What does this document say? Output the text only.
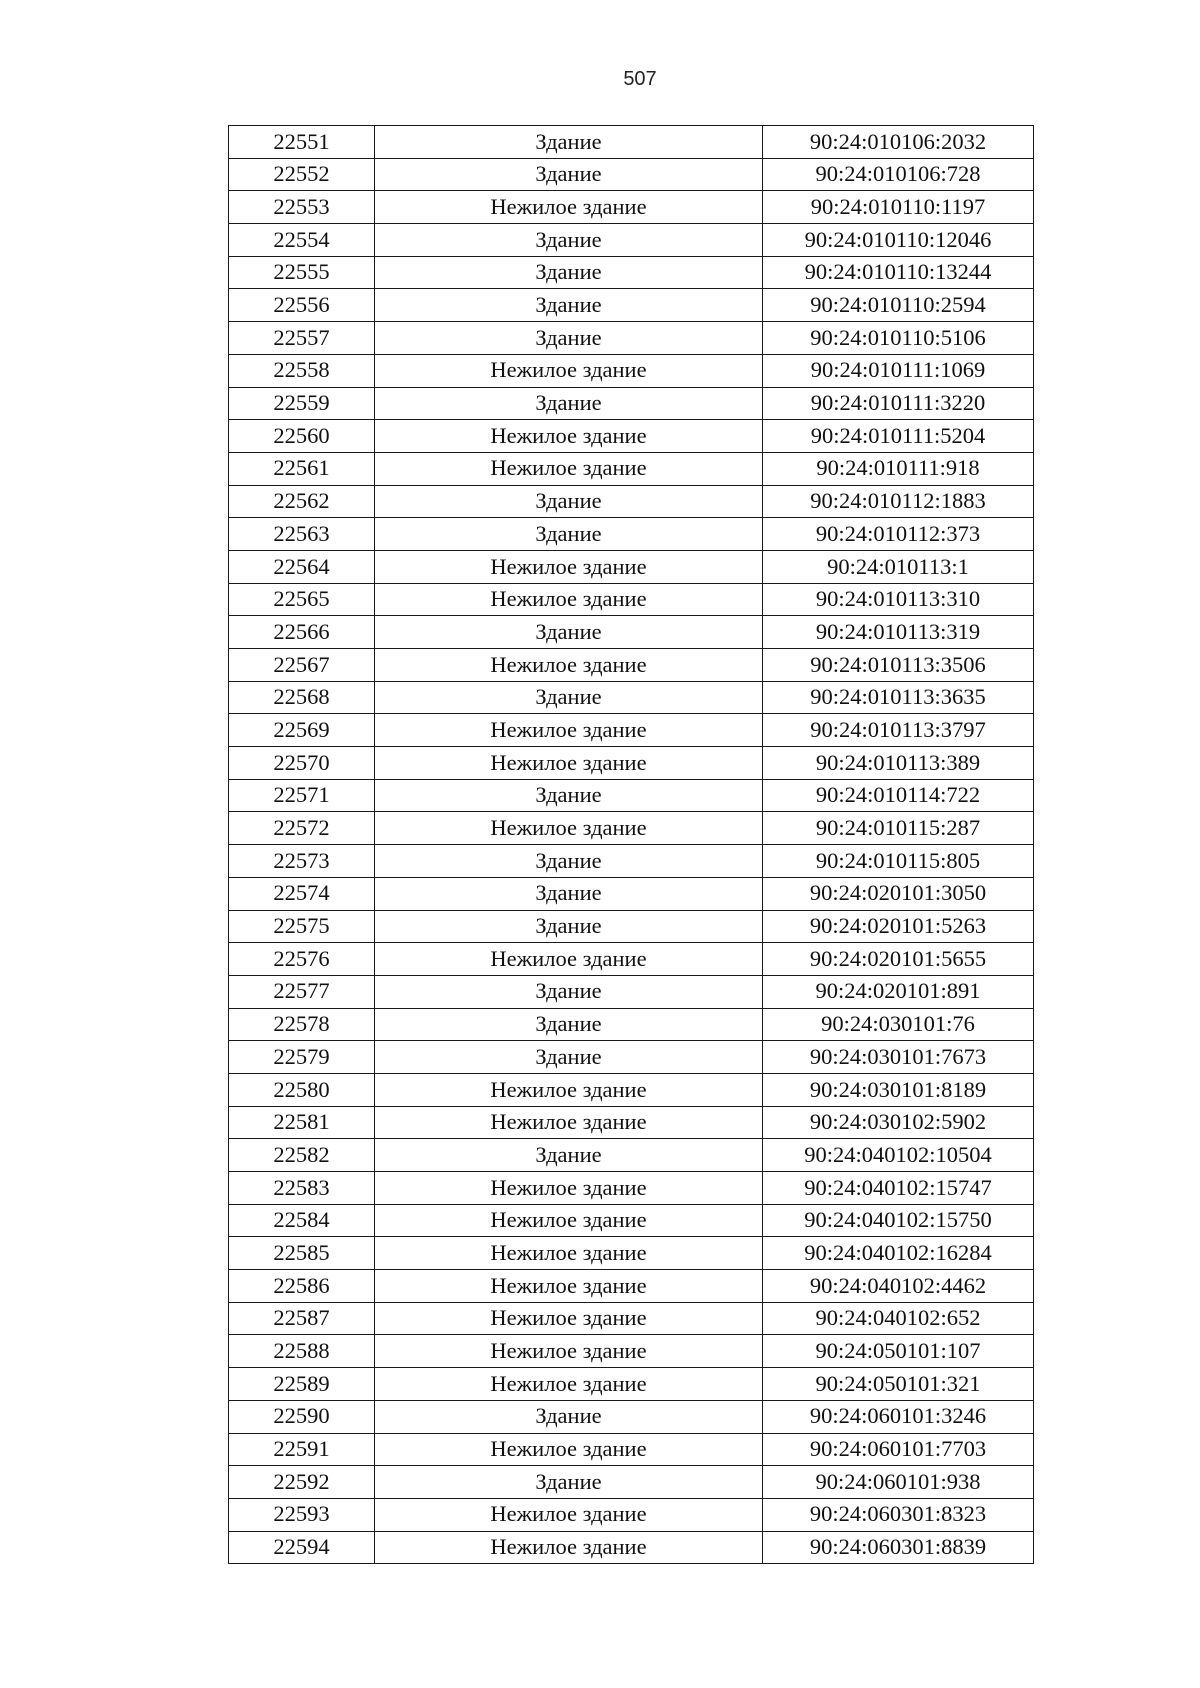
507
22551	Здание	90:24:010106:2032
22552	Здание	90:24:010106:728
22553	Нежилое здание	90:24:010110:1197
22554	Здание	90:24:010110:12046
22555	Здание	90:24:010110:13244
22556	Здание	90:24:010110:2594
22557	Здание	90:24:010110:5106
22558	Нежилое здание	90:24:010111:1069
22559	Здание	90:24:010111:3220
22560	Нежилое здание	90:24:010111:5204
22561	Нежилое здание	90:24:010111:918
22562	Здание	90:24:010112:1883
22563	Здание	90:24:010112:373
22564	Нежилое здание	90:24:010113:1
22565	Нежилое здание	90:24:010113:310
22566	Здание	90:24:010113:319
22567	Нежилое здание	90:24:010113:3506
22568	Здание	90:24:010113:3635
22569	Нежилое здание	90:24:010113:3797
22570	Нежилое здание	90:24:010113:389
22571	Здание	90:24:010114:722
22572	Нежилое здание	90:24:010115:287
22573	Здание	90:24:010115:805
22574	Здание	90:24:020101:3050
22575	Здание	90:24:020101:5263
22576	Нежилое здание	90:24:020101:5655
22577	Здание	90:24:020101:891
22578	Здание	90:24:030101:76
22579	Здание	90:24:030101:7673
22580	Нежилое здание	90:24:030101:8189
22581	Нежилое здание	90:24:030102:5902
22582	Здание	90:24:040102:10504
22583	Нежилое здание	90:24:040102:15747
22584	Нежилое здание	90:24:040102:15750
22585	Нежилое здание	90:24:040102:16284
22586	Нежилое здание	90:24:040102:4462
22587	Нежилое здание	90:24:040102:652
22588	Нежилое здание	90:24:050101:107
22589	Нежилое здание	90:24:050101:321
22590	Здание	90:24:060101:3246
22591	Нежилое здание	90:24:060101:7703
22592	Здание	90:24:060101:938
22593	Нежилое здание	90:24:060301:8323
22594	Нежилое здание	90:24:060301:8839
